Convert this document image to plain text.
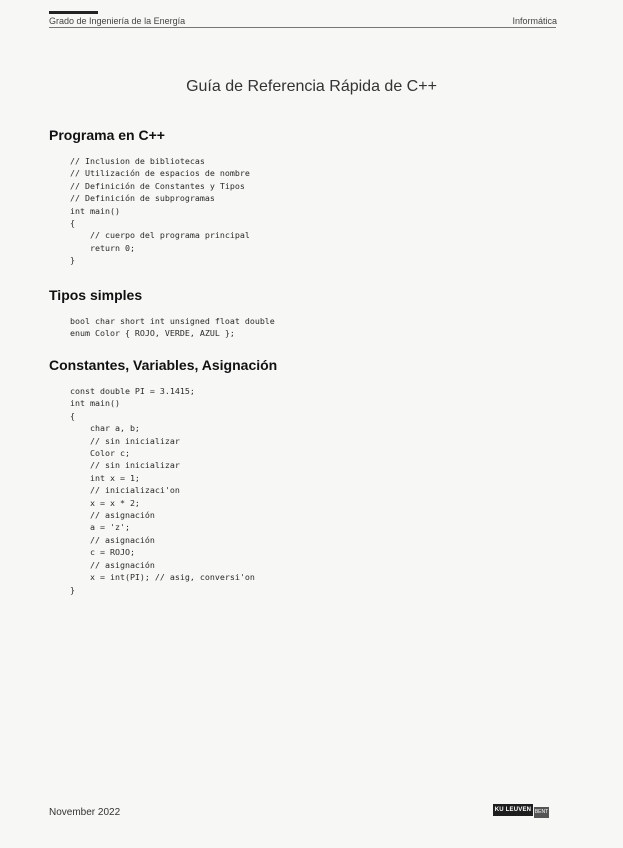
Grado de Ingeniería de la Energía	Informática
Guía de Referencia Rápida de C++
Programa en C++
// Inclusion de bibliotecas
// Utilización de espacios de nombre
// Definición de Constantes y Tipos
// Definición de subprogramas
int main()
{
// cuerpo del programa principal
return 0;
}
Tipos simples
bool char short int unsigned float double
enum Color { ROJO, VERDE, AZUL };
Constantes, Variables, Asignación
const double PI = 3.1415;
int main()
{
char a, b;
// sin inicializar
Color c;
// sin inicializar
int x = 1;
// inicializaci'on
x = x * 2;
// asignación
a = 'z';
// asignación
c = ROJO;
// asignación
x = int(PI); // asig, conversi'on
}
November 2022	KU LEUVEN BENT
